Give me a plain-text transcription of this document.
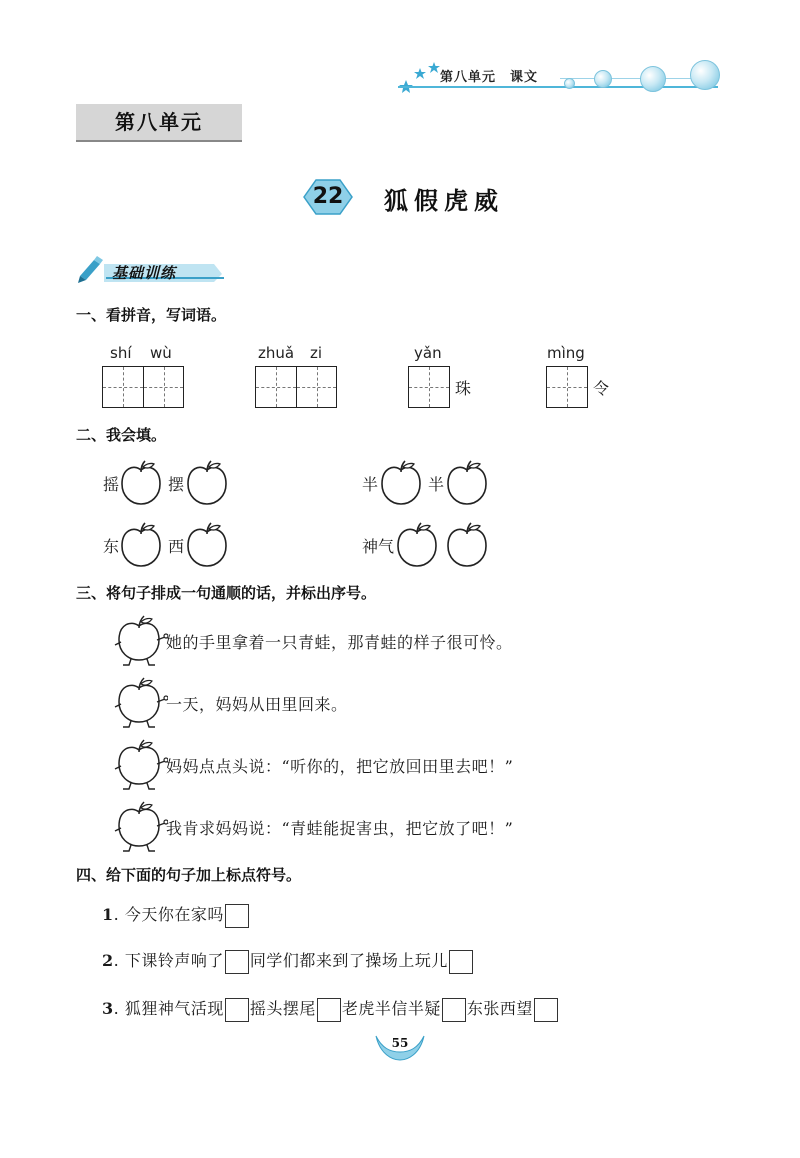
第八单元 课文
第八单元
22	狐假虎威
基础训练
一、看拼音，写词语。
shí wù	zhuǎ zi	yǎn
珠
mìng
令
二、我会填。
摇	摆	半	半
东	西	神气
三、将句子排成一句通顺的话，并标出序号。
她的手里拿着一只青蛙，那青蛙的样子很可怜。
一天，妈妈从田里回来。
妈妈点点头说：“听你的，把它放回田里去吧！”
我肯求妈妈说：“青蛙能捉害虫，把它放了吧！”
四、给下面的句子加上标点符号。
1. 今天你在家吗
2. 下课铃声响了 同学们都来到了操场上玩儿
3. 狐狸神气活现 摇头摆尾 老虎半信半疑 东张西望
55
